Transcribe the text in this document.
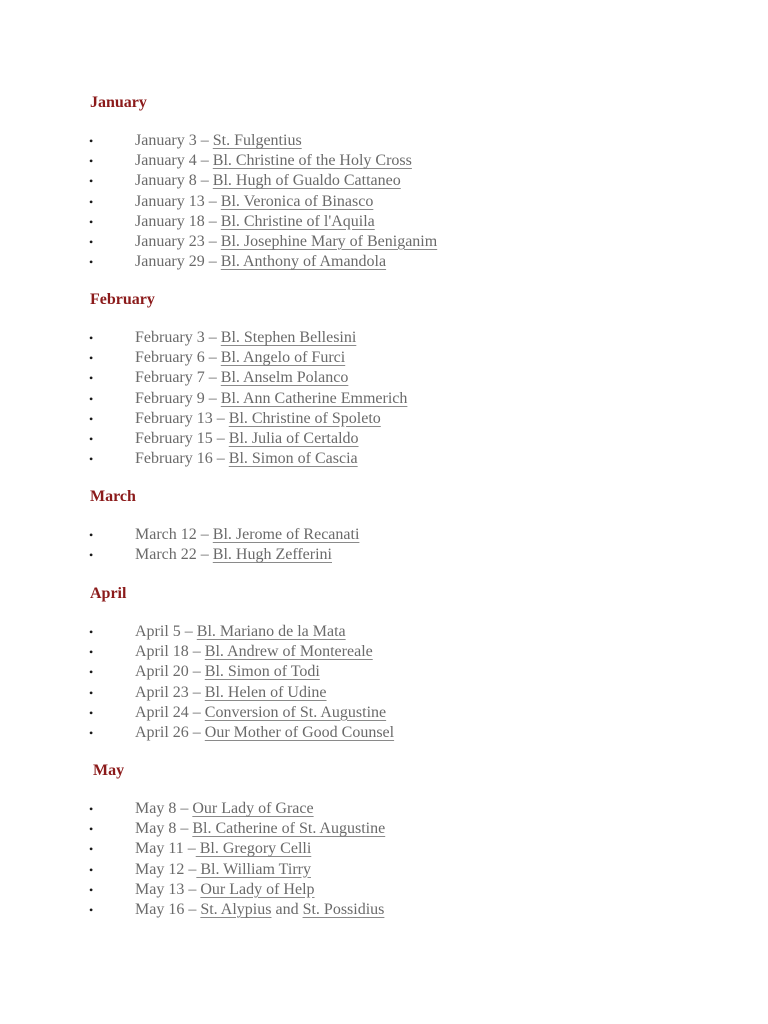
January
•	January 3 – St. Fulgentius
•	January 4 – Bl. Christine of the Holy Cross
•	January 8 – Bl. Hugh of Gualdo Cattaneo
•	January 13 – Bl. Veronica of Binasco
•	January 18 – Bl. Christine of l'Aquila
•	January 23 – Bl. Josephine Mary of Beniganim
•	January 29 – Bl. Anthony of Amandola
February
•	February 3 – Bl. Stephen Bellesini
•	February 6 – Bl. Angelo of Furci
•	February 7 – Bl. Anselm Polanco
•	February 9 – Bl. Ann Catherine Emmerich
•	February 13 – Bl. Christine of Spoleto
•	February 15 – Bl. Julia of Certaldo
•	February 16 – Bl. Simon of Cascia
March
•	March 12 – Bl. Jerome of Recanati
•	March 22 – Bl. Hugh Zefferini
April
•	April 5 – Bl. Mariano de la Mata
•	April 18 – Bl. Andrew of Montereale
•	April 20 – Bl. Simon of Todi
•	April 23 – Bl. Helen of Udine
•	April 24 – Conversion of St. Augustine
•	April 26 – Our Mother of Good Counsel
May
•	May 8 – Our Lady of Grace
•	May 8 – Bl. Catherine of St. Augustine
•	May 11 – Bl. Gregory Celli
•	May 12 – Bl. William Tirry
•	May 13 – Our Lady of Help
•	May 16 – St. Alypius and St. Possidius
